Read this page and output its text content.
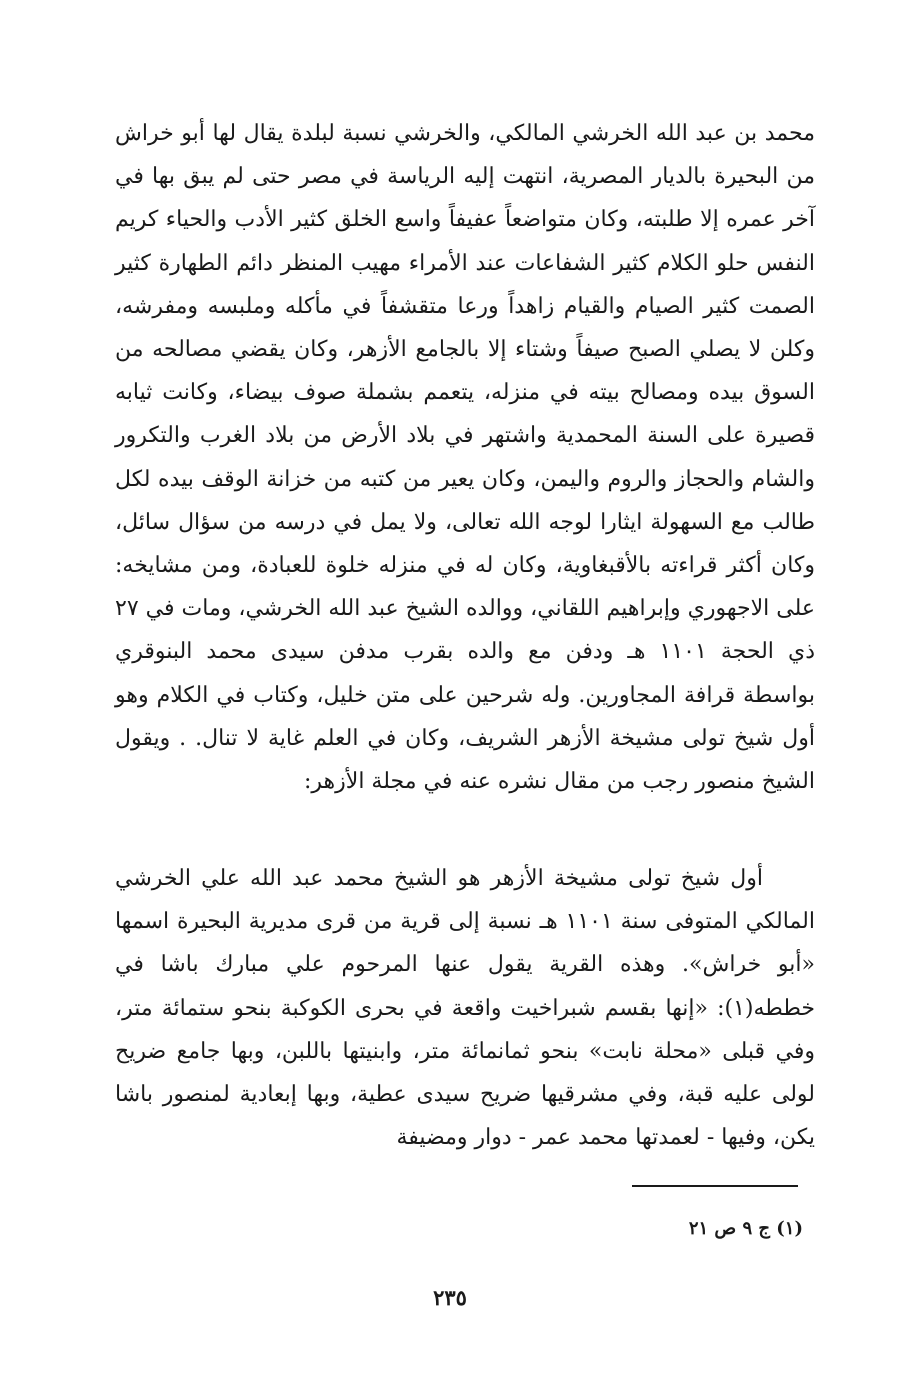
محمد بن عبد الله الخرشي المالكي، والخرشي نسبة لبلدة يقال لها أبو خراش من البحيرة بالديار المصرية، انتهت إليه الرياسة في مصر حتى لم يبق بها في آخر عمره إلا طلبته، وكان متواضعاً عفيفاً واسع الخلق كثير الأدب والحياء كريم النفس حلو الكلام كثير الشفاعات عند الأمراء مهيب المنظر دائم الطهارة كثير الصمت كثير الصيام والقيام زاهداً ورعا متقشفاً في مأكله وملبسه ومفرشه، وكلن لا يصلي الصبح صيفاً وشتاء إلا بالجامع الأزهر، وكان يقضي مصالحه من السوق بيده ومصالح بيته في منزله، يتعمم بشملة صوف بيضاء، وكانت ثيابه قصيرة على السنة المحمدية واشتهر في بلاد الأرض من بلاد الغرب والتكرور والشام والحجاز والروم واليمن، وكان يعير من كتبه من خزانة الوقف بيده لكل طالب مع السهولة ايثارا لوجه الله تعالى، ولا يمل في درسه من سؤال سائل، وكان أكثر قراءته بالأقبغاوية، وكان له في منزله خلوة للعبادة، ومن مشايخه: على الاجهوري وإبراهيم اللقاني، ووالده الشيخ عبد الله الخرشي، ومات في ٢٧ ذي الحجة ١١٠١ هـ ودفن مع والده بقرب مدفن سيدى محمد البنوقري بواسطة قرافة المجاورين. وله شرحين على متن خليل، وكتاب في الكلام وهو أول شيخ تولى مشيخة الأزهر الشريف، وكان في العلم غاية لا تنال. . ويقول الشيخ منصور رجب من مقال نشره عنه في مجلة الأزهر:

أول شيخ تولى مشيخة الأزهر هو الشيخ محمد عبد الله علي الخرشي المالكي المتوفى سنة ١١٠١ هـ نسبة إلى قرية من قرى مديرية البحيرة اسمها «أبو خراش». وهذه القرية يقول عنها المرحوم علي مبارك باشا في خططه(١): «إنها بقسم شبراخيت واقعة في بحرى الكوكبة بنحو ستمائة متر، وفي قبلى «محلة نابت» بنحو ثمانمائة متر، وابنيتها باللبن، وبها جامع ضريح لولى عليه قبة، وفي مشرقيها ضريح سيدى عطية، وبها إبعادية لمنصور باشا يكن، وفيها - لعمدتها محمد عمر - دوار ومضيفة

(١) ج ٩ ص ٢١
٢٣٥
